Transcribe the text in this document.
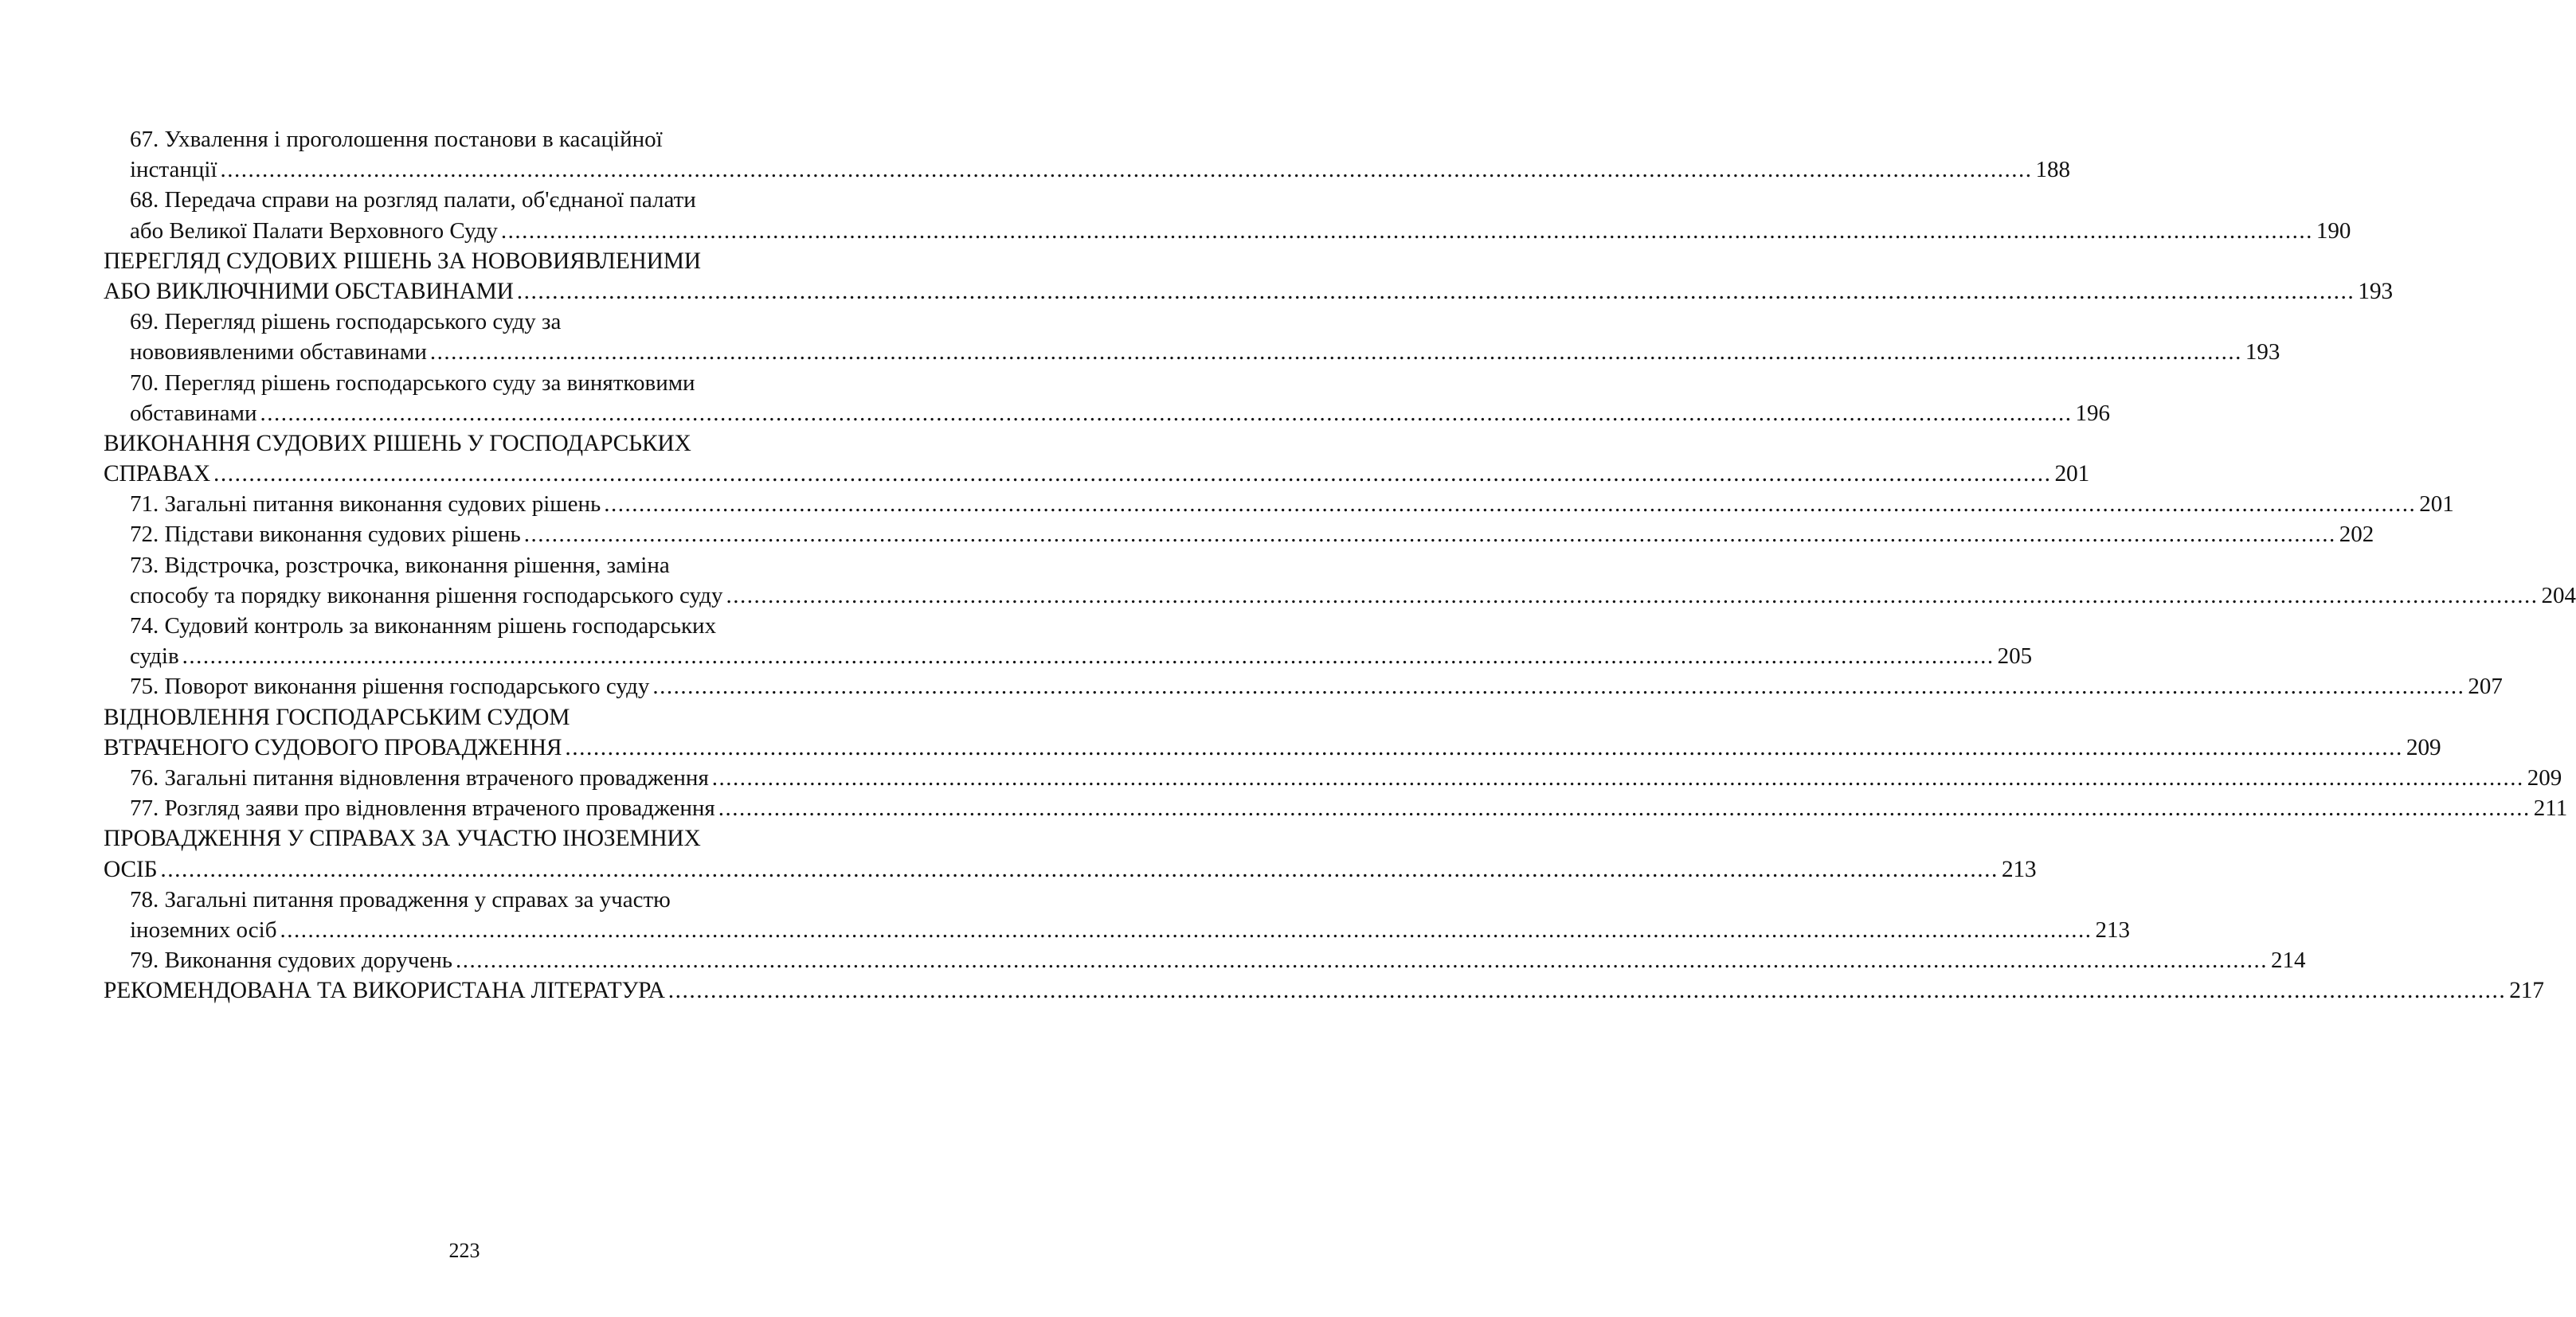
67. Ухвалення і проголошення постанови в касаційної
інстанції .................................................................................................................................................................................................................................................................... 188
68. Передача справи на розгляд палати, об'єднаної палати
або Великої Палати Верховного Суду .................................................................................................................................................................................................................................................................... 190
ПЕРЕГЛЯД СУДОВИХ РІШЕНЬ ЗА НОВОВИЯВЛЕНИМИ
АБО ВИКЛЮЧНИМИ ОБСТАВИНАМИ .................................................................................................................................................................................................................................................................... 193
69. Перегляд рішень господарського суду за
нововиявленими обставинами .................................................................................................................................................................................................................................................................... 193
70. Перегляд рішень господарського суду за винятковими
обставинами .................................................................................................................................................................................................................................................................... 196
ВИКОНАННЯ СУДОВИХ РІШЕНЬ У ГОСПОДАРСЬКИХ
СПРАВАХ .................................................................................................................................................................................................................................................................... 201
71. Загальні питання виконання судових рішень .................................................................................................................................................................................................................................................................... 201
72. Підстави виконання судових рішень .................................................................................................................................................................................................................................................................... 202
73. Відстрочка, розстрочка, виконання рішення, заміна
способу та порядку виконання рішення господарського суду .................................................................................................................................................................................................................................................................... 204
74. Судовий контроль за виконанням рішень господарських
судів .................................................................................................................................................................................................................................................................... 205
75. Поворот виконання рішення господарського суду .................................................................................................................................................................................................................................................................... 207
ВІДНОВЛЕННЯ ГОСПОДАРСЬКИМ СУДОМ
ВТРАЧЕНОГО СУДОВОГО ПРОВАДЖЕННЯ .................................................................................................................................................................................................................................................................... 209
76. Загальні питання відновлення втраченого провадження .................................................................................................................................................................................................................................................................... 209
77. Розгляд заяви про відновлення втраченого провадження .................................................................................................................................................................................................................................................................... 211
ПРОВАДЖЕННЯ У СПРАВАХ ЗА УЧАСТЮ ІНОЗЕМНИХ
ОСІБ .................................................................................................................................................................................................................................................................... 213
78. Загальні питання провадження у справах за участю
іноземних осіб .................................................................................................................................................................................................................................................................... 213
79. Виконання судових доручень .................................................................................................................................................................................................................................................................... 214
РЕКОМЕНДОВАНА ТА ВИКОРИСТАНА ЛІТЕРАТУРА .................................................................................................................................................................................................................................................................... 217
223
